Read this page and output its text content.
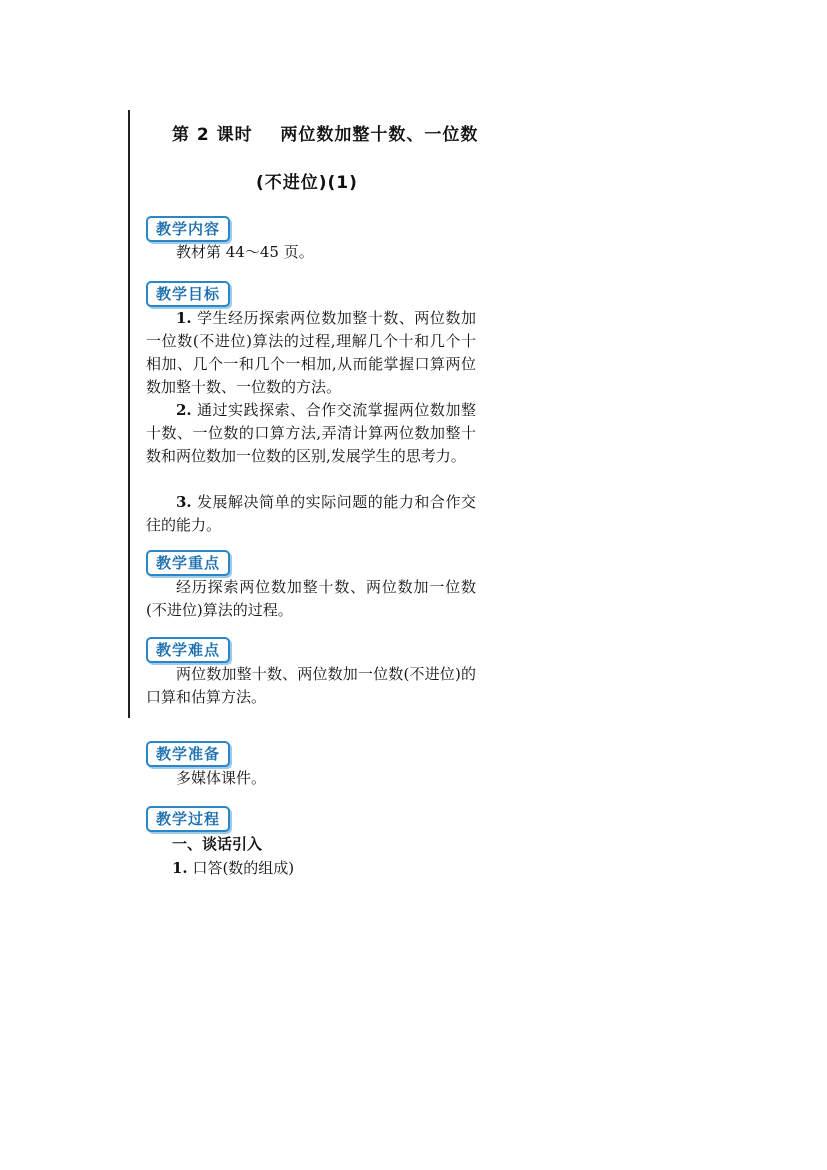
第 2 课时    两位数加整十数、一位数
(不进位)(1)
教学内容

教材第 44～45 页。

教学目标

1. 学生经历探索两位数加整十数、两位数加一位数(不进位)算法的过程,理解几个十和几个十相加、几个一和几个一相加,从而能掌握口算两位数加整十数、一位数的方法。

2. 通过实践探索、合作交流掌握两位数加整十数、一位数的口算方法,弄清计算两位数加整十数和两位数加一位数的区别,发展学生的思考力。

3. 发展解决简单的实际问题的能力和合作交往的能力。

教学重点

经历探索两位数加整十数、两位数加一位数(不进位)算法的过程。

教学难点

两位数加整十数、两位数加一位数(不进位)的口算和估算方法。

教学准备

多媒体课件。

教学过程
一、谈话引入
1. 口答(数的组成)
